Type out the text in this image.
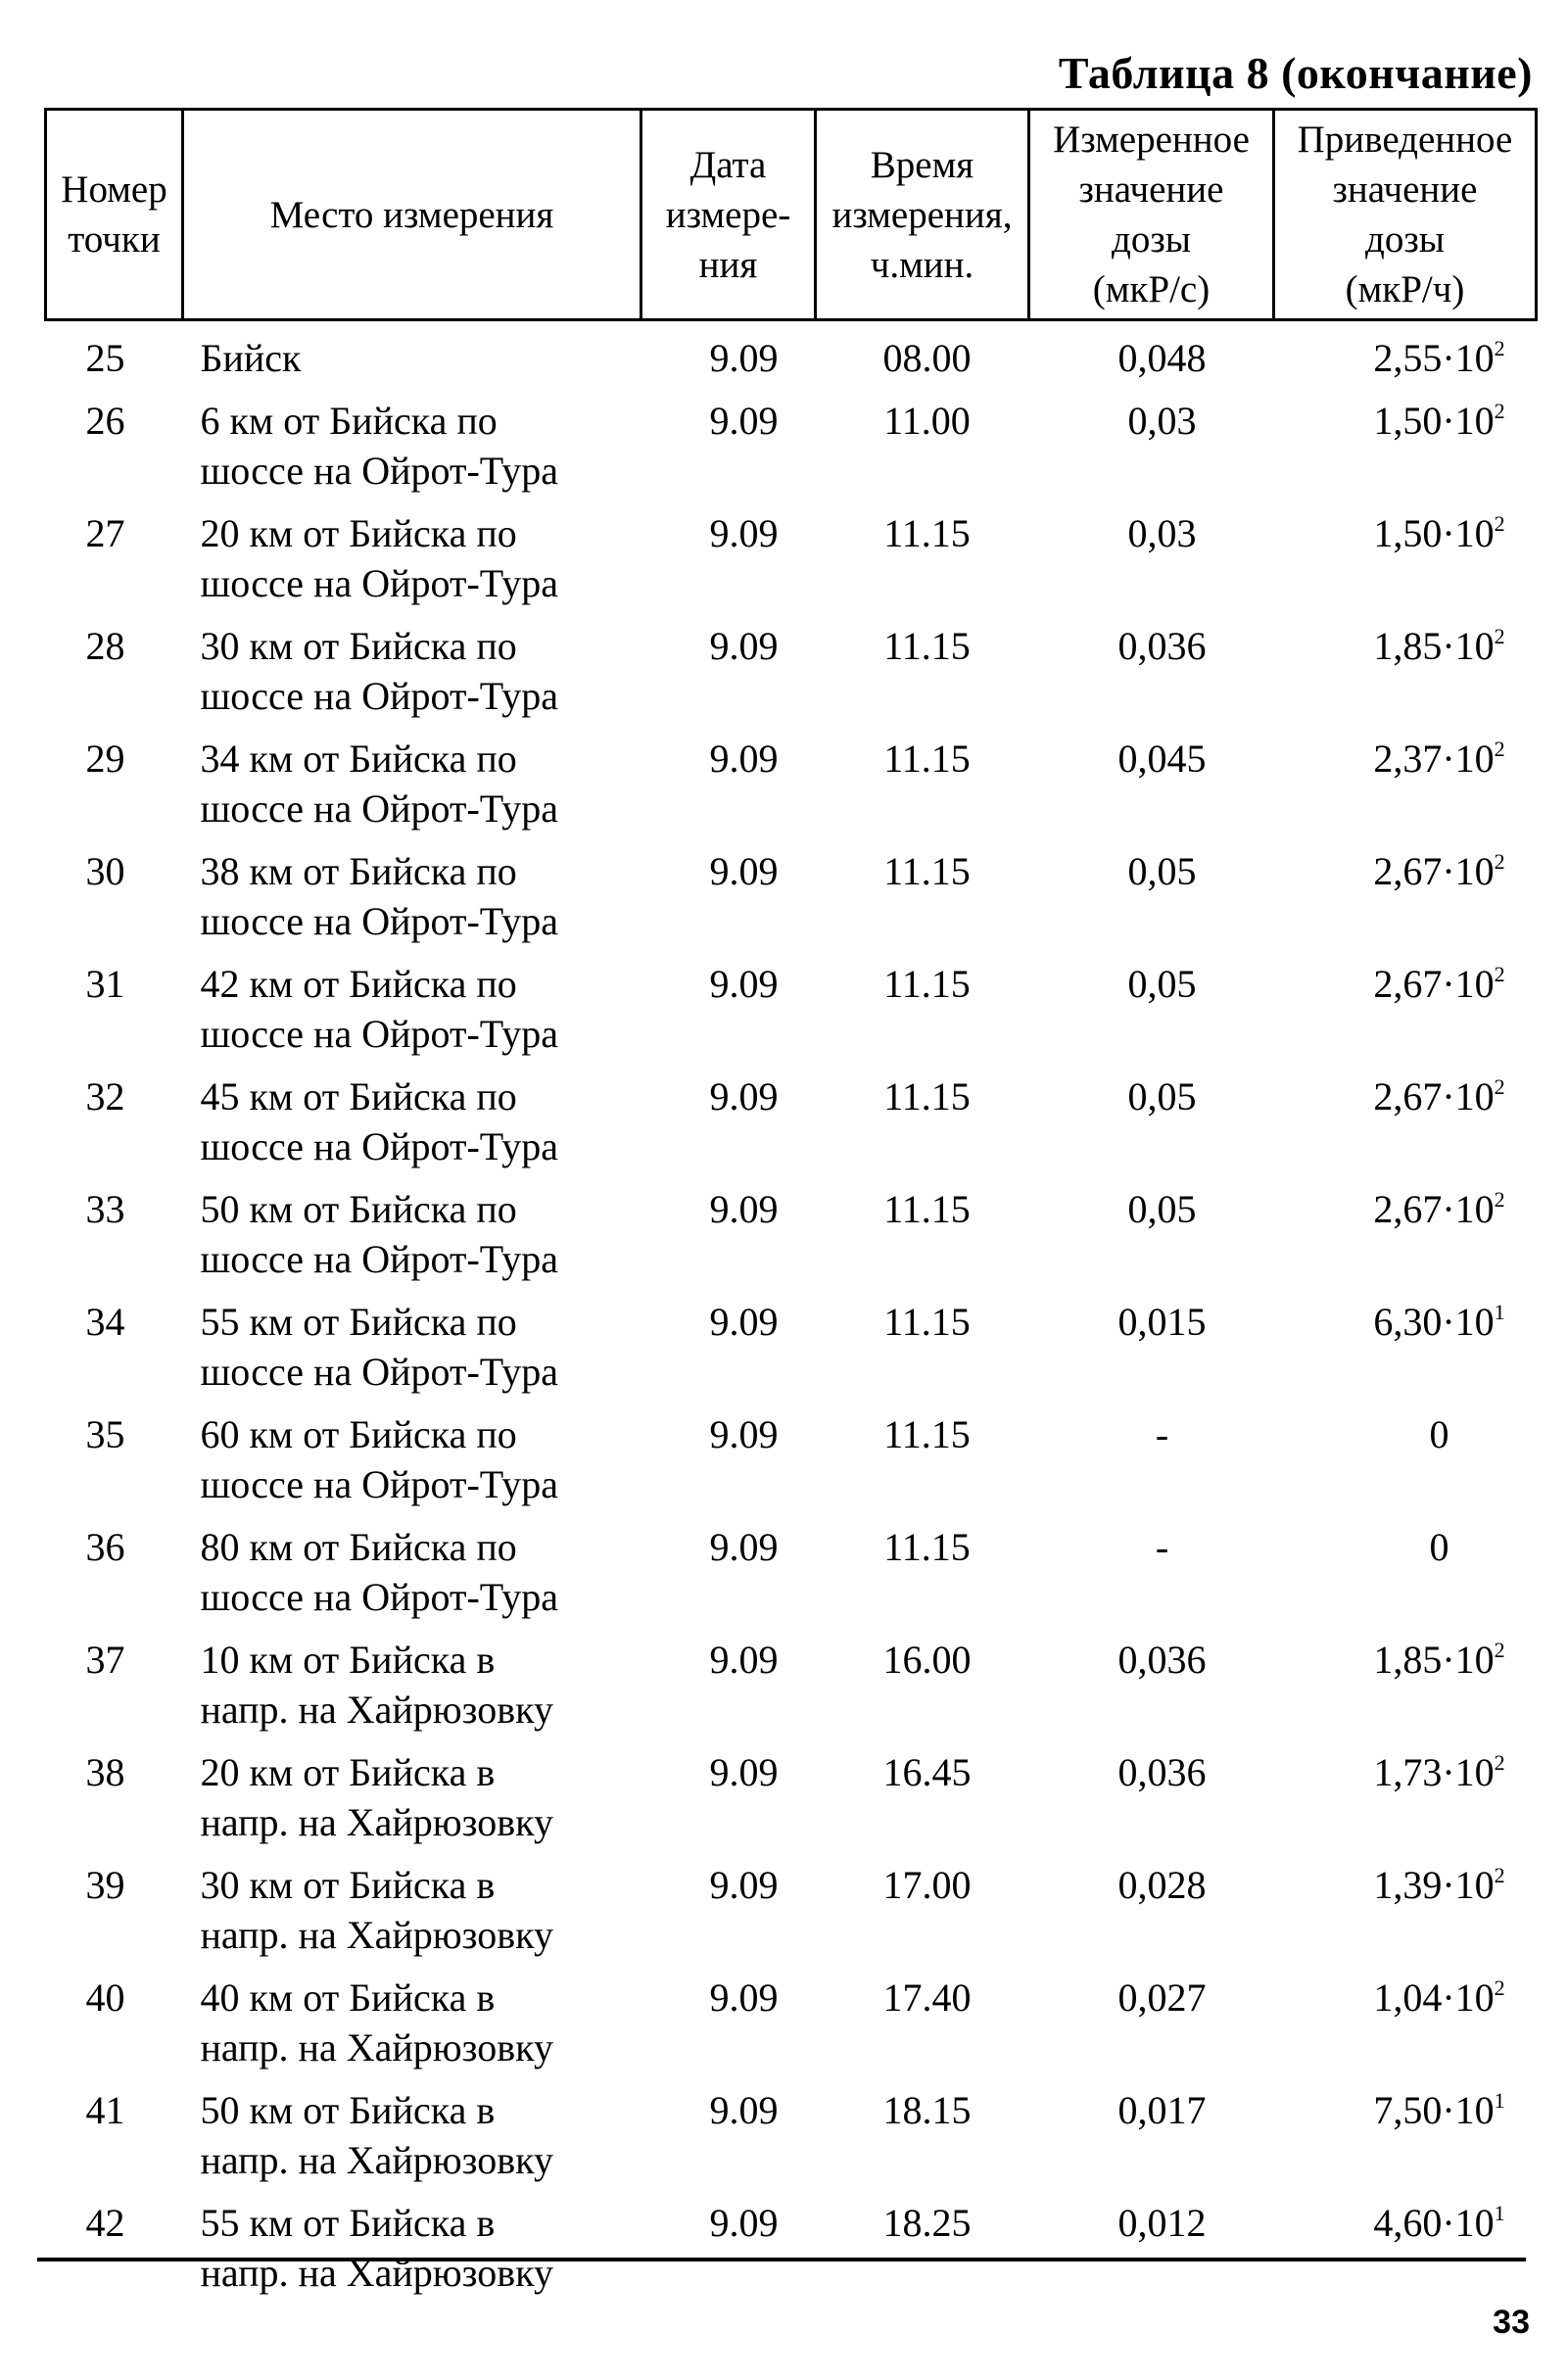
Таблица 8 (окончание)
Номер
точки	Место измерения	Дата
измере-
ния	Время
измерения,
ч.мин.	Измеренное
значение
дозы
(мкР/с)	Приведенное
значение
дозы
(мкР/ч)
25	Бийск	9.09	08.00	0,048	$2,55\cdot 10^2$
26	6 км от Бийска по
шоссе на Ойрот-Тура	9.09	11.00	0,03	$1,50\cdot 10^2$
27	20 км от Бийска по
шоссе на Ойрот-Тура	9.09	11.15	0,03	$1,50\cdot 10^2$
28	30 км от Бийска по
шоссе на Ойрот-Тура	9.09	11.15	0,036	$1,85\cdot 10^2$
29	34 км от Бийска по
шоссе на Ойрот-Тура	9.09	11.15	0,045	$2,37\cdot 10^2$
30	38 км от Бийска по
шоссе на Ойрот-Тура	9.09	11.15	0,05	$2,67\cdot 10^2$
31	42 км от Бийска по
шоссе на Ойрот-Тура	9.09	11.15	0,05	$2,67\cdot 10^2$
32	45 км от Бийска по
шоссе на Ойрот-Тура	9.09	11.15	0,05	$2,67\cdot 10^2$
33	50 км от Бийска по
шоссе на Ойрот-Тура	9.09	11.15	0,05	$2,67\cdot 10^2$
34	55 км от Бийска по
шоссе на Ойрот-Тура	9.09	11.15	0,015	$6,30\cdot 10^1$
35	60 км от Бийска по
шоссе на Ойрот-Тура	9.09	11.15	-	0
36	80 км от Бийска по
шоссе на Ойрот-Тура	9.09	11.15	-	0
37	10 км от Бийска в
напр. на Хайрюзовку	9.09	16.00	0,036	$1,85\cdot 10^2$
38	20 км от Бийска в
напр. на Хайрюзовку	9.09	16.45	0,036	$1,73\cdot 10^2$
39	30 км от Бийска в
напр. на Хайрюзовку	9.09	17.00	0,028	$1,39\cdot 10^2$
40	40 км от Бийска в
напр. на Хайрюзовку	9.09	17.40	0,027	$1,04\cdot 10^2$
41	50 км от Бийска в
напр. на Хайрюзовку	9.09	18.15	0,017	$7,50\cdot 10^1$
42	55 км от Бийска в
напр. на Хайрюзовку	9.09	18.25	0,012	$4,60\cdot 10^1$
33
